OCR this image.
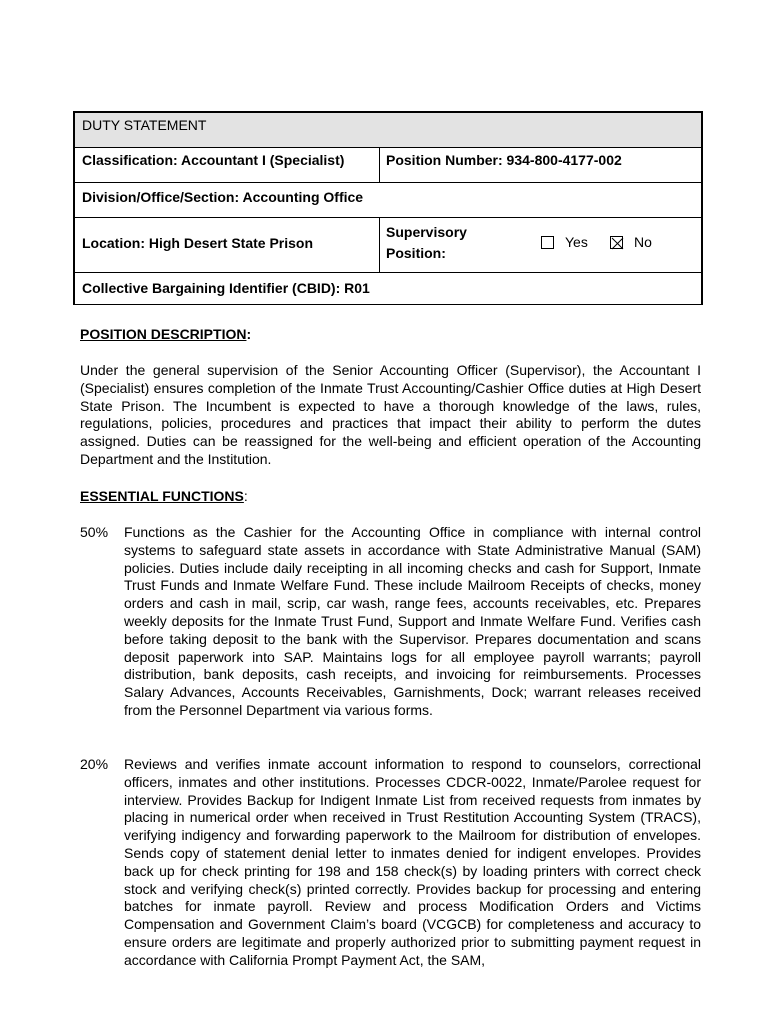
DUTY STATEMENT
Classification: Accountant I (Specialist)	Position Number: 934-800-4177-002
Division/Office/Section: Accounting Office
Location: High Desert State Prison
Supervisory
Position:
Yes	No
Collective Bargaining Identifier (CBID): R01
POSITION DESCRIPTION:

Under the general supervision of the Senior Accounting Officer (Supervisor), the Accountant I (Specialist) ensures completion of the Inmate Trust Accounting/Cashier Office duties at High Desert State Prison. The Incumbent is expected to have a thorough knowledge of the laws, rules, regulations, policies, procedures and practices that impact their ability to perform the dutes assigned. Duties can be reassigned for the well-being and efficient operation of the Accounting Department and the Institution.

ESSENTIAL FUNCTIONS:
50% Functions as the Cashier for the Accounting Office in compliance with internal control systems to safeguard state assets in accordance with State Administrative Manual (SAM) policies. Duties include daily receipting in all incoming checks and cash for Support, Inmate Trust Funds and Inmate Welfare Fund. These include Mailroom Receipts of checks, money orders and cash in mail, scrip, car wash, range fees, accounts receivables, etc. Prepares weekly deposits for the Inmate Trust Fund, Support and Inmate Welfare Fund. Verifies cash before taking deposit to the bank with the Supervisor. Prepares documentation and scans deposit paperwork into SAP. Maintains logs for all employee payroll warrants; payroll distribution, bank deposits, cash receipts, and invoicing for reimbursements. Processes Salary Advances, Accounts Receivables, Garnishments, Dock; warrant releases received from the Personnel Department via various forms.

20% Reviews and verifies inmate account information to respond to counselors, correctional officers, inmates and other institutions. Processes CDCR-0022, Inmate/Parolee request for interview. Provides Backup for Indigent Inmate List from received requests from inmates by placing in numerical order when received in Trust Restitution Accounting System (TRACS), verifying indigency and forwarding paperwork to the Mailroom for distribution of envelopes. Sends copy of statement denial letter to inmates denied for indigent envelopes. Provides back up for check printing for 198 and 158 check(s) by loading printers with correct check stock and verifying check(s) printed correctly. Provides backup for processing and entering batches for inmate payroll. Review and process Modification Orders and Victims Compensation and Government Claim’s board (VCGCB) for completeness and accuracy to ensure orders are legitimate and properly authorized prior to submitting payment request in accordance with California Prompt Payment Act, the SAM,
